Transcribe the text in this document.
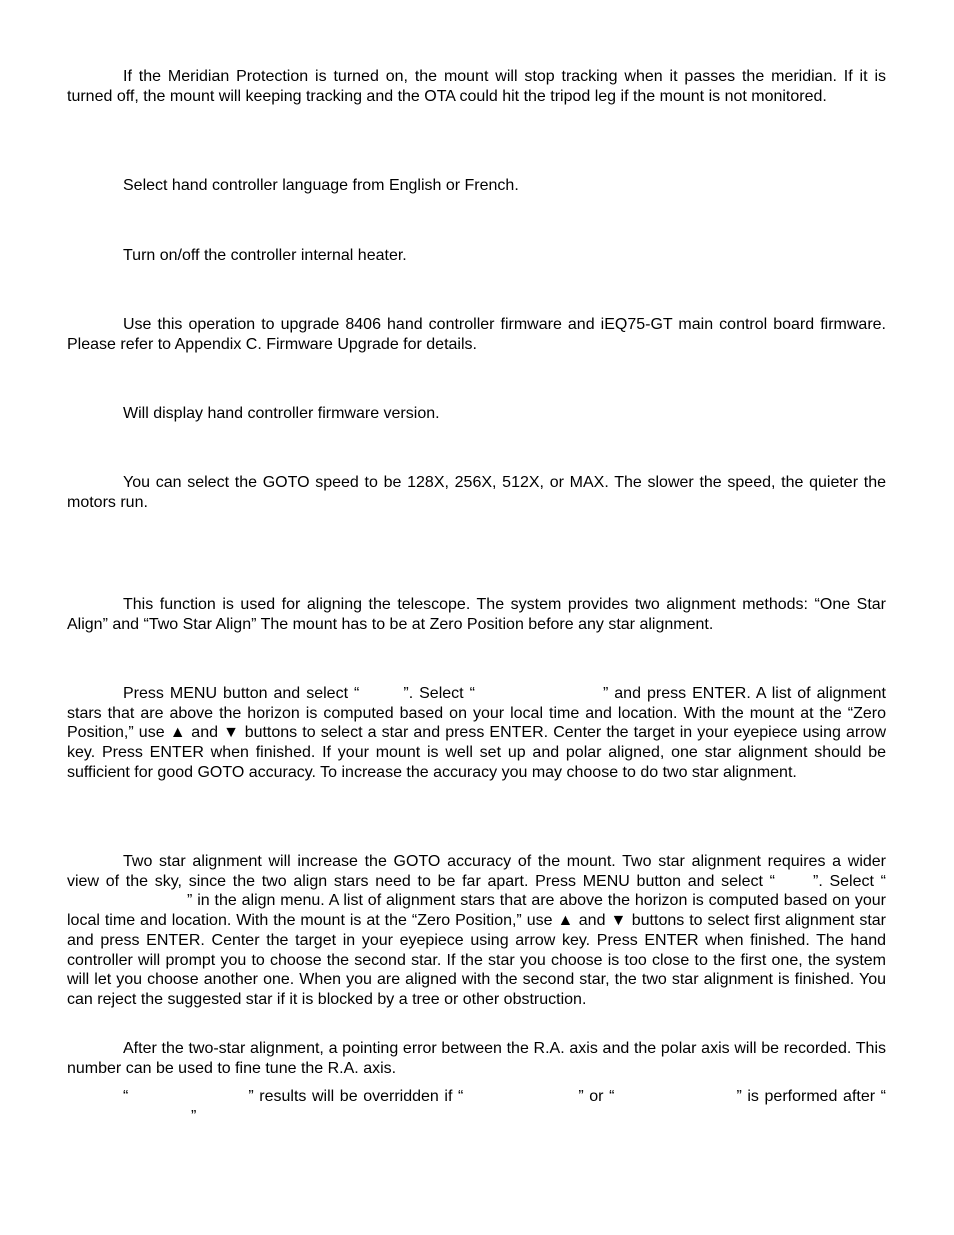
If the Meridian Protection is turned on, the mount will stop tracking when it passes the meridian. If it is turned off, the mount will keeping tracking and the OTA could hit the tripod leg if the mount is not monitored.

Select hand controller language from English or French.

Turn on/off the controller internal heater.

Use this operation to upgrade 8406 hand controller firmware and iEQ75-GT main control board firmware. Please refer to Appendix C. Firmware Upgrade for details.

Will display hand controller firmware version.

You can select the GOTO speed to be 128X, 256X, 512X, or MAX. The slower the speed, the quieter the motors run.

This function is used for aligning the telescope. The system provides two alignment methods: “One Star Align” and “Two Star Align” The mount has to be at Zero Position before any star alignment.

Press MENU button and select “	”. Select “	” and press ENTER. A list of alignment stars that are above the horizon is computed based on your local time and location. With the mount at the “Zero Position,” use ▲ and ▼ buttons to select a star and press ENTER. Center the target in your eyepiece using arrow key. Press ENTER when finished. If your mount is well set up and polar aligned, one star alignment should be sufficient for good GOTO accuracy. To increase the accuracy you may choose to do two star alignment.

Two star alignment will increase the GOTO accuracy of the mount. Two star alignment requires a wider view of the sky, since the two align stars need to be far apart. Press MENU button and select “ ”. Select “” in the align menu. A list of alignment stars that are above the horizon is computed based on your local time and location. With the mount is at the “Zero Position,” use ▲ and ▼ buttons to select first alignment star and press ENTER. Center the target in your eyepiece using arrow key. Press ENTER when finished. The hand controller will prompt you to choose the second star. If the star you choose is too close to the first one, the system will let you choose another one. When you are aligned with the second star, the two star alignment is finished. You can reject the suggested star if it is blocked by a tree or other obstruction.

After the two-star alignment, a pointing error between the R.A. axis and the polar axis will be recorded. This number can be used to fine tune the R.A. axis.

“	” results will be overridden if “	” or “	” is performed after “”
